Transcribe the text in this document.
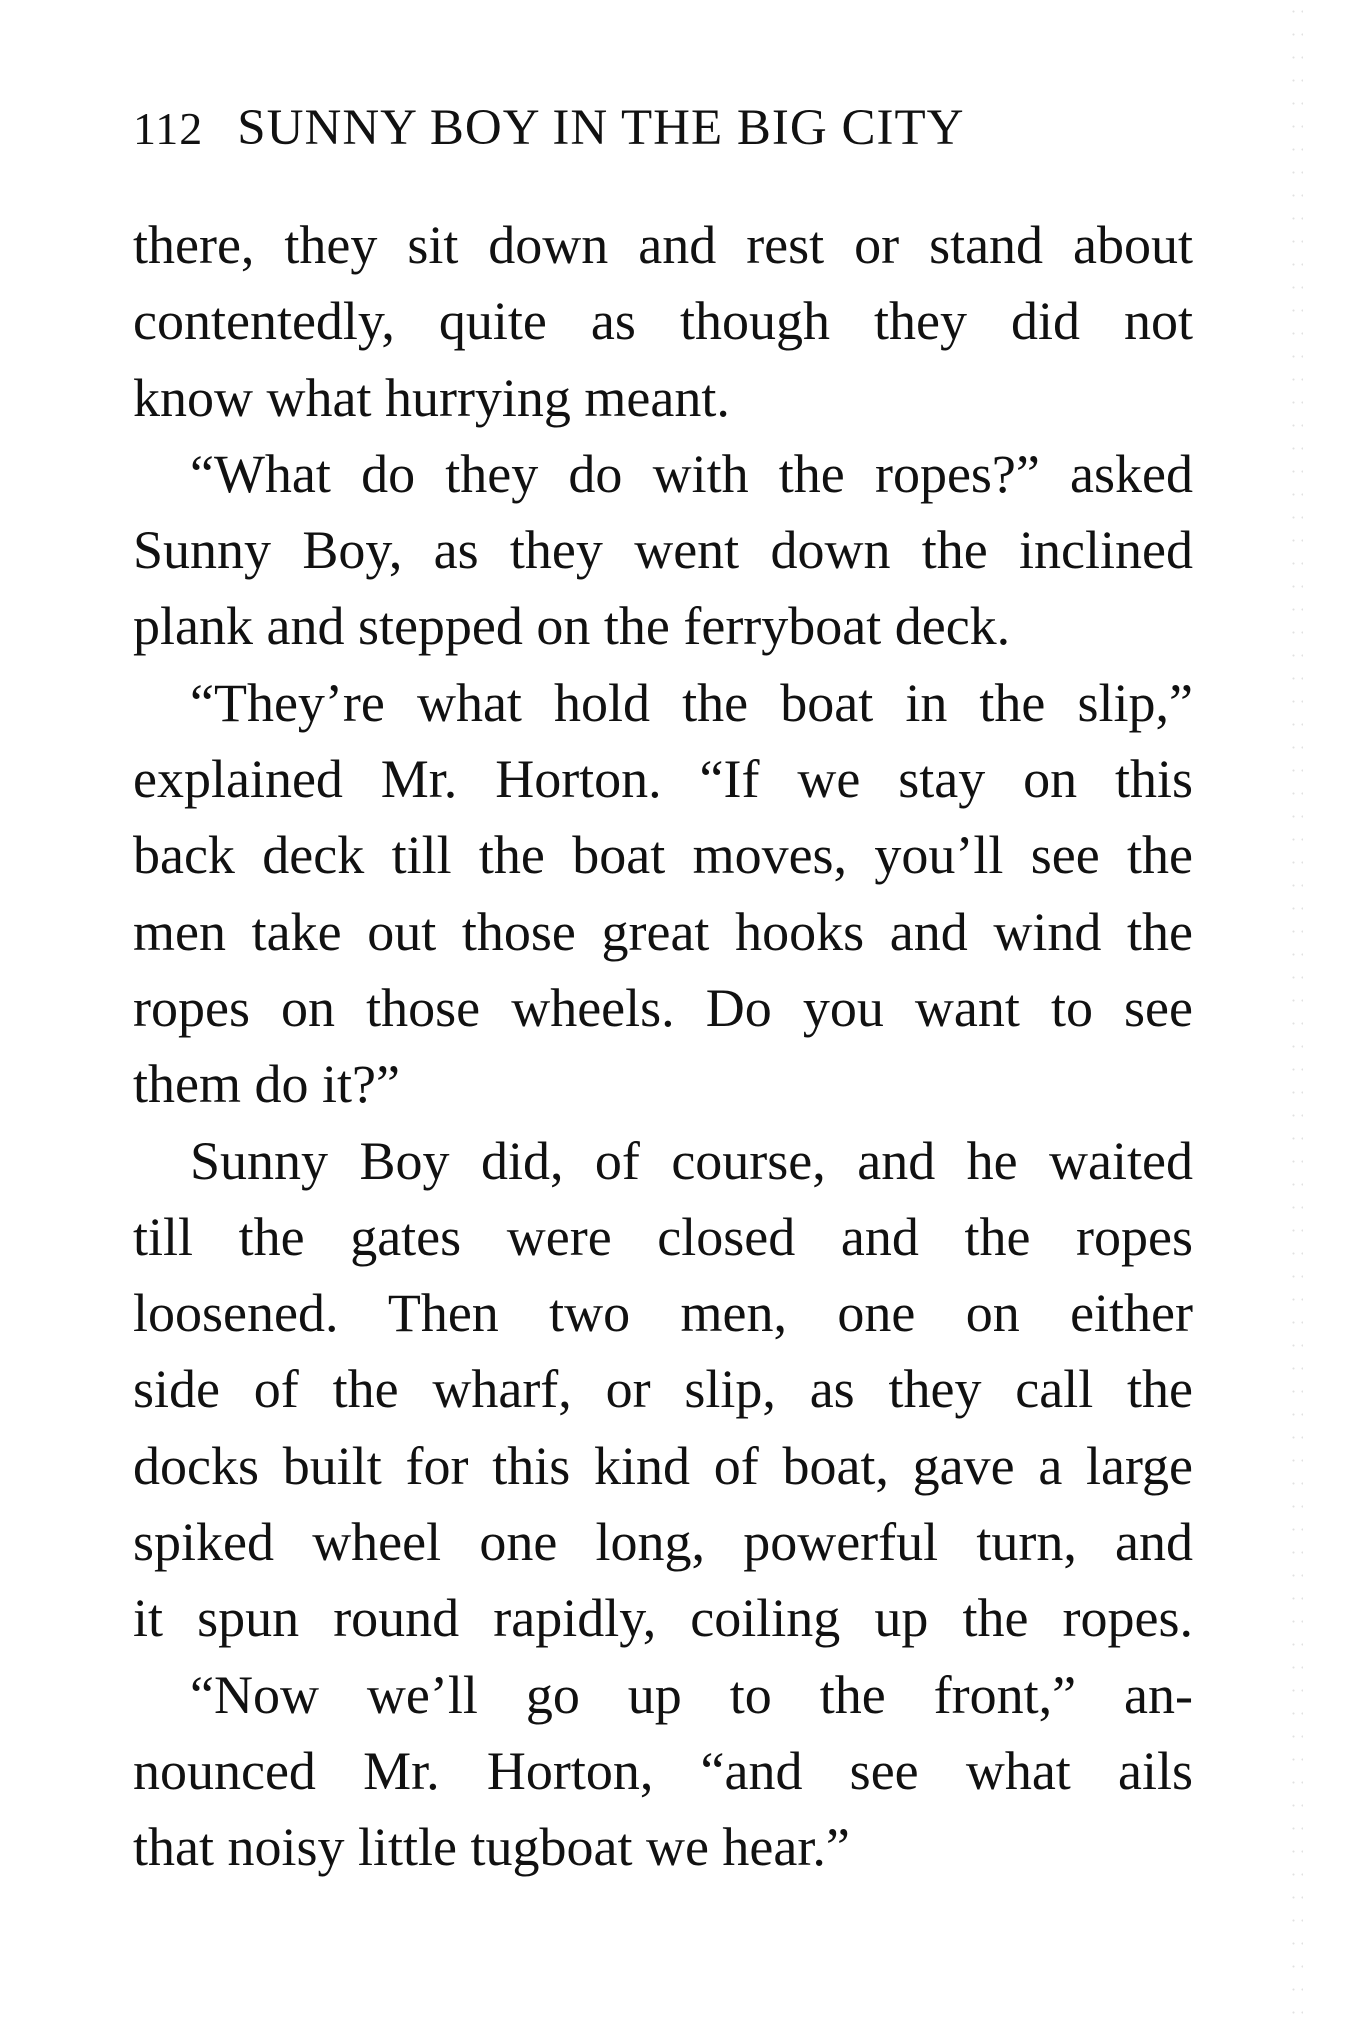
112 SUNNY BOY IN THE BIG CITY
there, they sit down and rest or stand about
contentedly, quite as though they did not
know what hurrying meant.
“What do they do with the ropes?” asked
Sunny Boy, as they went down the inclined
plank and stepped on the ferryboat deck.
“They’re what hold the boat in the slip,”
explained Mr. Horton. “If we stay on this
back deck till the boat moves, you’ll see the
men take out those great hooks and wind the
ropes on those wheels. Do you want to see
them do it?”
Sunny Boy did, of course, and he waited
till the gates were closed and the ropes
loosened. Then two men, one on either
side of the wharf, or slip, as they call the
docks built for this kind of boat, gave a large
spiked wheel one long, powerful turn, and
it spun round rapidly, coiling up the ropes.
“Now we’ll go up to the front,” an-
nounced Mr. Horton, “and see what ails
that noisy little tugboat we hear.”
